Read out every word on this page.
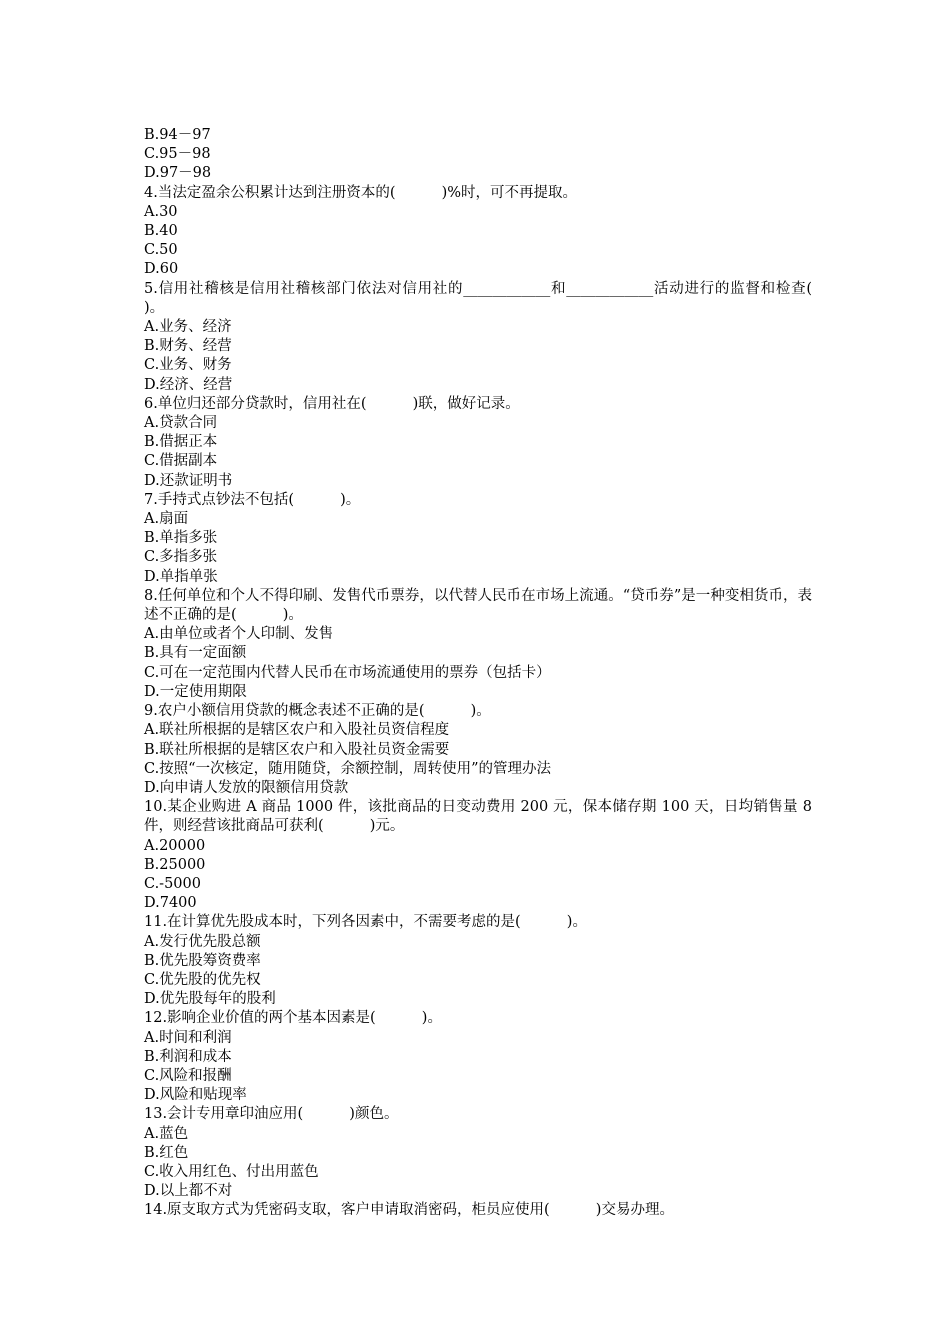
B.94－97

C.95－98

D.97－98

4.当法定盈余公积累计达到注册资本的(          )%时，可不再提取。

A.30

B.40

C.50

D.60

5.信用社稽核是信用社稽核部门依法对信用社的____________和____________活动进行的监督和检查(          )。

A.业务、经济

B.财务、经营

C.业务、财务

D.经济、经营

6.单位归还部分贷款时，信用社在(          )联，做好记录。

A.贷款合同

B.借据正本

C.借据副本

D.还款证明书

7.手持式点钞法不包括(          )。

A.扇面

B.单指多张

C.多指多张

D.单指单张

8.任何单位和个人不得印刷、发售代币票券，以代替人民币在市场上流通。“贷币券”是一种变相货币，表述不正确的是(          )。

A.由单位或者个人印制、发售

B.具有一定面额

C.可在一定范围内代替人民币在市场流通使用的票券（包括卡）

D.一定使用期限

9.农户小额信用贷款的概念表述不正确的是(          )。

A.联社所根据的是辖区农户和入股社员资信程度

B.联社所根据的是辖区农户和入股社员资金需要

C.按照“一次核定，随用随贷，余额控制，周转使用”的管理办法

D.向申请人发放的限额信用贷款

10.某企业购进 A 商品 1000 件，该批商品的日变动费用 200 元，保本储存期 100 天，日均销售量 8 件，则经营该批商品可获利(          )元。

A.20000

B.25000

C.-5000

D.7400

11.在计算优先股成本时，下列各因素中，不需要考虑的是(          )。

A.发行优先股总额

B.优先股筹资费率

C.优先股的优先权

D.优先股每年的股利

12.影响企业价值的两个基本因素是(          )。

A.时间和利润

B.利润和成本

C.风险和报酬

D.风险和贴现率

13.会计专用章印油应用(          )颜色。

A.蓝色

B.红色

C.收入用红色、付出用蓝色

D.以上都不对

14.原支取方式为凭密码支取，客户申请取消密码，柜员应使用(          )交易办理。
